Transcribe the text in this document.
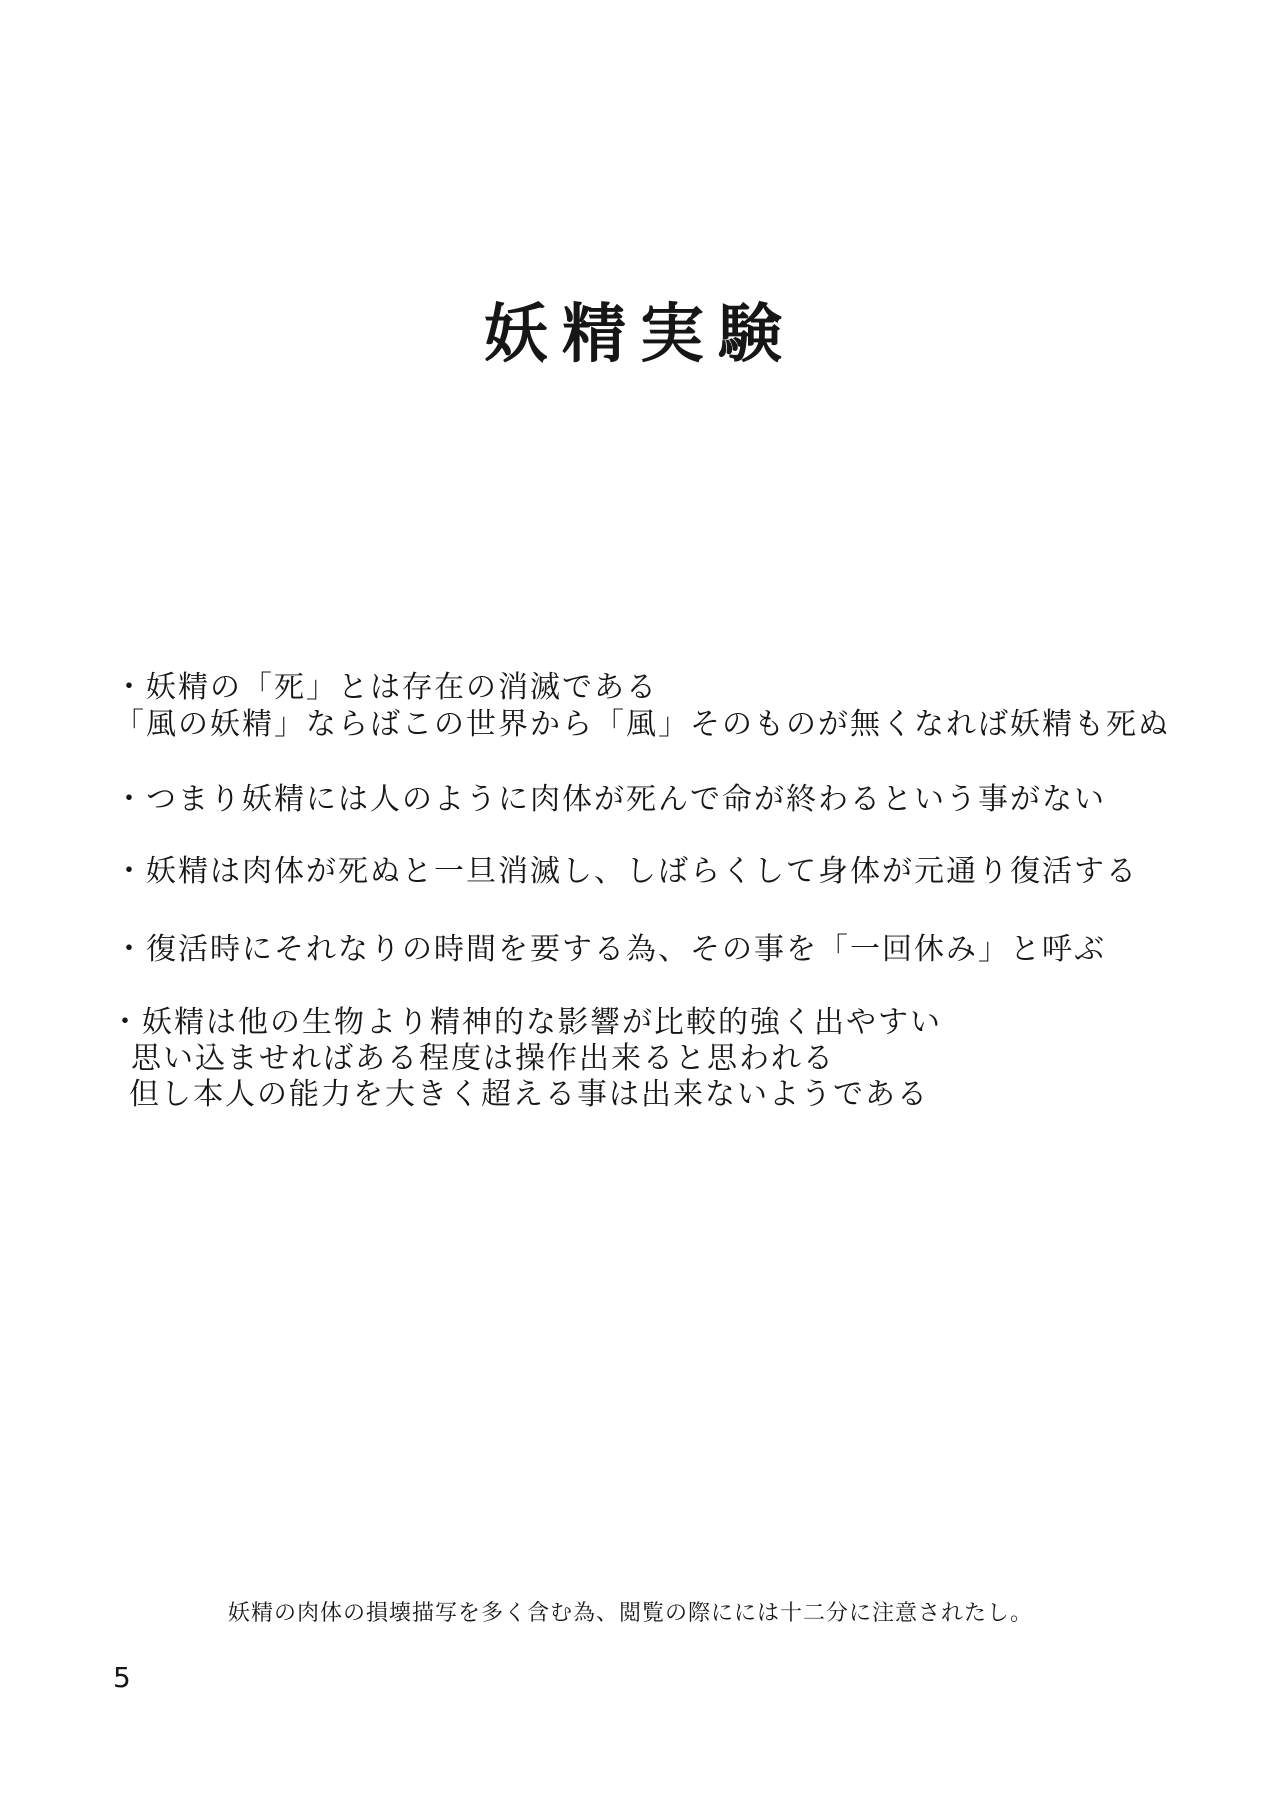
妖精実験
・妖精の「死」とは存在の消滅である
「風の妖精」ならばこの世界から「風」そのものが無くなれば妖精も死ぬ
・つまり妖精には人のように肉体が死んで命が終わるという事がない
・妖精は肉体が死ぬと一旦消滅し、しばらくして身体が元通り復活する
・復活時にそれなりの時間を要する為、その事を「一回休み」と呼ぶ
・妖精は他の生物より精神的な影響が比較的強く出やすい
思い込ませればある程度は操作出来ると思われる
但し本人の能力を大きく超える事は出来ないようである
妖精の肉体の損壊描写を多く含む為、閲覧の際にには十二分に注意されたし。
5
